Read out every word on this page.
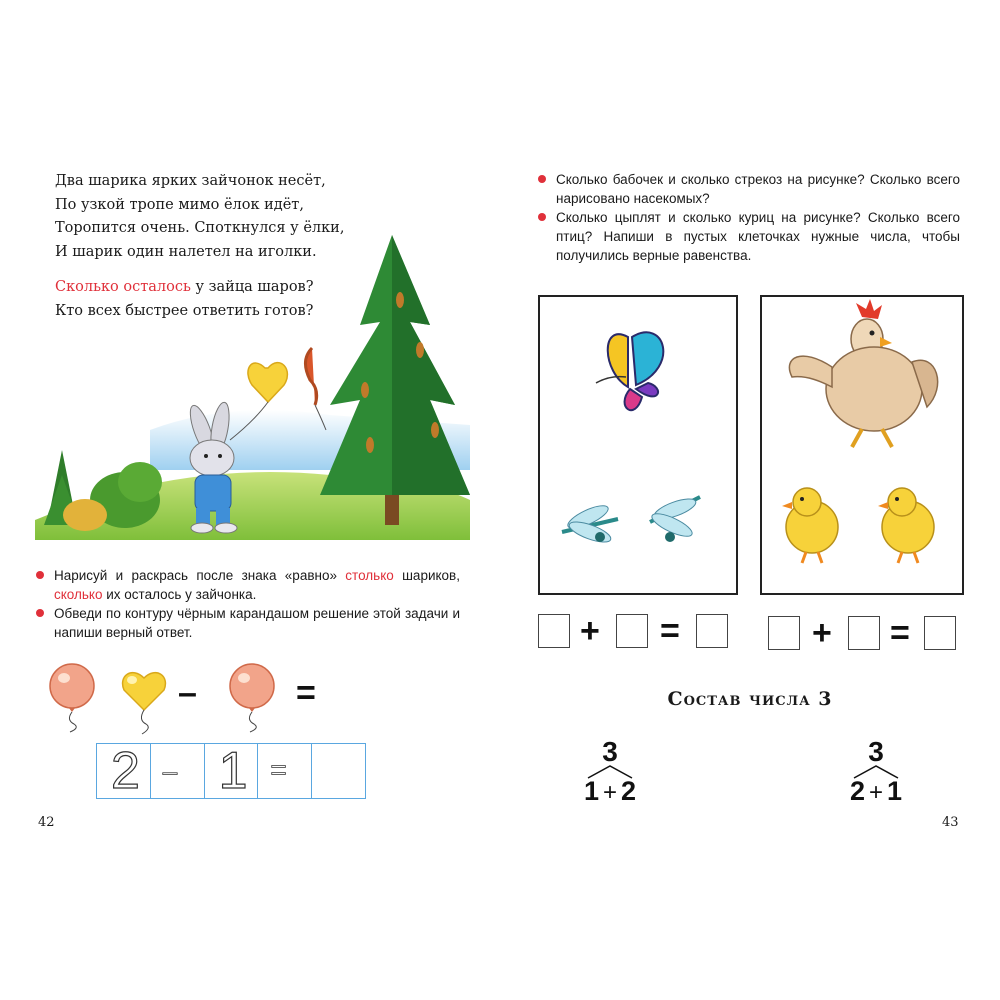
Два шарика ярких зайчонок несёт,
По узкой тропе мимо ёлок идёт,
Торопится очень. Споткнулся у ёлки,
И шарик один налетел на иголки.
Сколько осталось у зайца шаров?
Кто всех быстрее ответить готов?
Нарисуй и раскрась после знака «равно» столько шариков, сколько их осталось у зайчонка.
Обведи по контуру чёрным карандашом решение этой задачи и напиши верный ответ.
–	=
2 – 1 =
42
Сколько бабочек и сколько стрекоз на рисунке? Сколько всего нарисовано насекомых?
Сколько цыплят и сколько куриц на рисунке? Сколько всего птиц? Напиши в пустых клеточках нужные числа, чтобы получились верные равенства.
+ =	+ =
Состав числа 3
3
1 + 2
3
2 + 1
43
